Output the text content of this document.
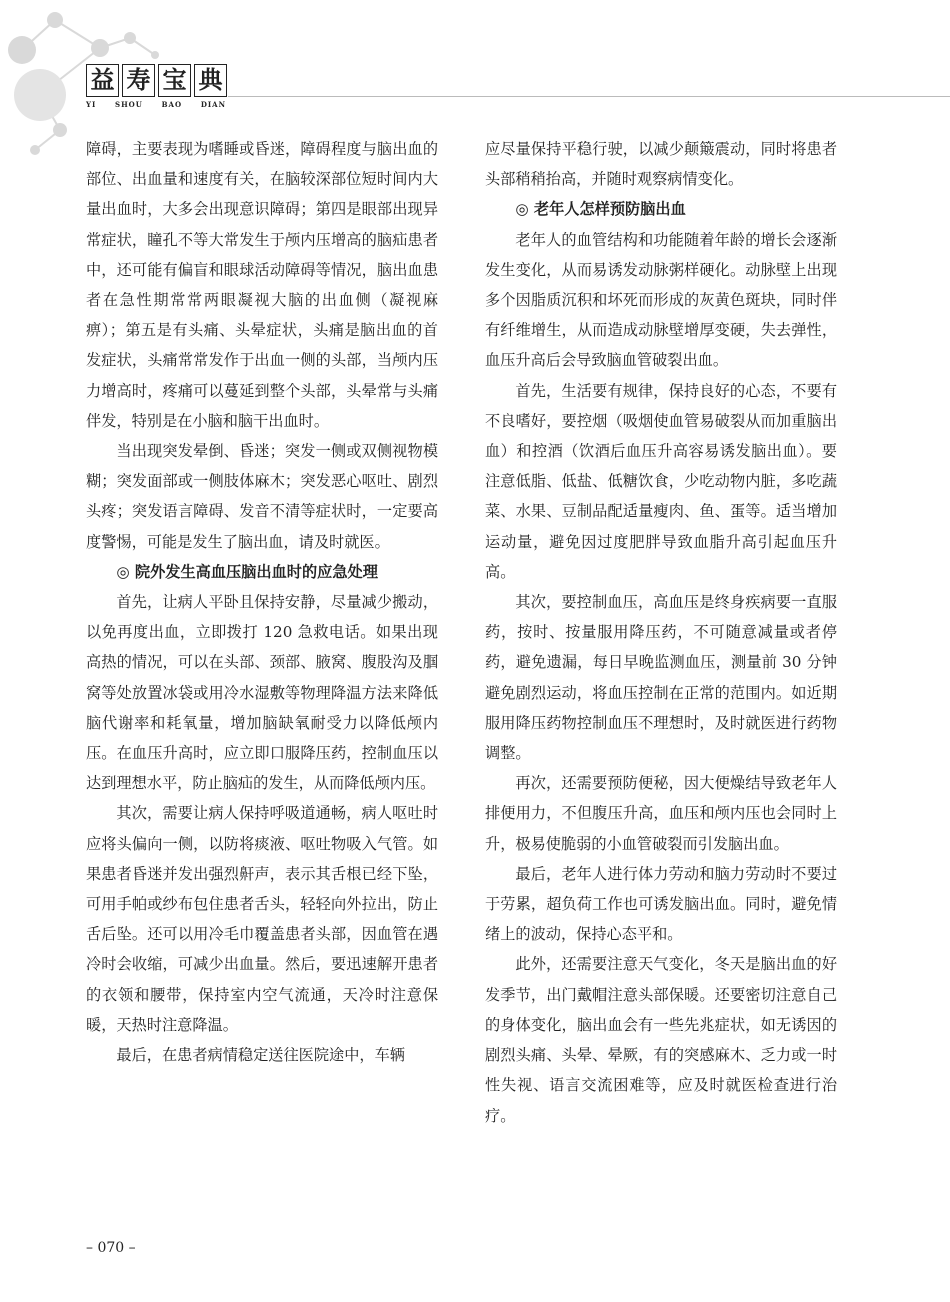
益 寿 宝 典
YI	SHOU	BAO	DIAN

障碍，主要表现为嗜睡或昏迷，障碍程度与脑出血的部位、出血量和速度有关，在脑较深部位短时间内大量出血时，大多会出现意识障碍；第四是眼部出现异常症状，瞳孔不等大常发生于颅内压增高的脑疝患者中，还可能有偏盲和眼球活动障碍等情况，脑出血患者在急性期常常两眼凝视大脑的出血侧（凝视麻痹）；第五是有头痛、头晕症状，头痛是脑出血的首发症状，头痛常常发作于出血一侧的头部，当颅内压力增高时，疼痛可以蔓延到整个头部，头晕常与头痛伴发，特别是在小脑和脑干出血时。

当出现突发晕倒、昏迷；突发一侧或双侧视物模糊；突发面部或一侧肢体麻木；突发恶心呕吐、剧烈头疼；突发语言障碍、发音不清等症状时，一定要高度警惕，可能是发生了脑出血，请及时就医。

◎ 院外发生高血压脑出血时的应急处理

首先，让病人平卧且保持安静，尽量减少搬动，以免再度出血，立即拨打 120 急救电话。如果出现高热的情况，可以在头部、颈部、腋窝、腹股沟及腘窝等处放置冰袋或用冷水湿敷等物理降温方法来降低脑代谢率和耗氧量，增加脑缺氧耐受力以降低颅内压。在血压升高时，应立即口服降压药，控制血压以达到理想水平，防止脑疝的发生，从而降低颅内压。

其次，需要让病人保持呼吸道通畅，病人呕吐时应将头偏向一侧，以防将痰液、呕吐物吸入气管。如果患者昏迷并发出强烈鼾声，表示其舌根已经下坠，可用手帕或纱布包住患者舌头，轻轻向外拉出，防止舌后坠。还可以用冷毛巾覆盖患者头部，因血管在遇冷时会收缩，可减少出血量。然后，要迅速解开患者的衣领和腰带，保持室内空气流通，天冷时注意保暖，天热时注意降温。

最后，在患者病情稳定送往医院途中，车辆

应尽量保持平稳行驶，以减少颠簸震动，同时将患者头部稍稍抬高，并随时观察病情变化。

◎ 老年人怎样预防脑出血

老年人的血管结构和功能随着年龄的增长会逐渐发生变化，从而易诱发动脉粥样硬化。动脉壁上出现多个因脂质沉积和坏死而形成的灰黄色斑块，同时伴有纤维增生，从而造成动脉壁增厚变硬，失去弹性，血压升高后会导致脑血管破裂出血。

首先，生活要有规律，保持良好的心态，不要有不良嗜好，要控烟（吸烟使血管易破裂从而加重脑出血）和控酒（饮酒后血压升高容易诱发脑出血）。要注意低脂、低盐、低糖饮食，少吃动物内脏，多吃蔬菜、水果、豆制品配适量瘦肉、鱼、蛋等。适当增加运动量，避免因过度肥胖导致血脂升高引起血压升高。

其次，要控制血压，高血压是终身疾病要一直服药，按时、按量服用降压药，不可随意减量或者停药，避免遗漏，每日早晚监测血压，测量前 30 分钟避免剧烈运动，将血压控制在正常的范围内。如近期服用降压药物控制血压不理想时，及时就医进行药物调整。

再次，还需要预防便秘，因大便燥结导致老年人排便用力，不但腹压升高，血压和颅内压也会同时上升，极易使脆弱的小血管破裂而引发脑出血。

最后，老年人进行体力劳动和脑力劳动时不要过于劳累，超负荷工作也可诱发脑出血。同时，避免情绪上的波动，保持心态平和。

此外，还需要注意天气变化，冬天是脑出血的好发季节，出门戴帽注意头部保暖。还要密切注意自己的身体变化，脑出血会有一些先兆症状，如无诱因的剧烈头痛、头晕、晕厥，有的突感麻木、乏力或一时性失视、语言交流困难等，应及时就医检查进行治疗。

– 070 –
